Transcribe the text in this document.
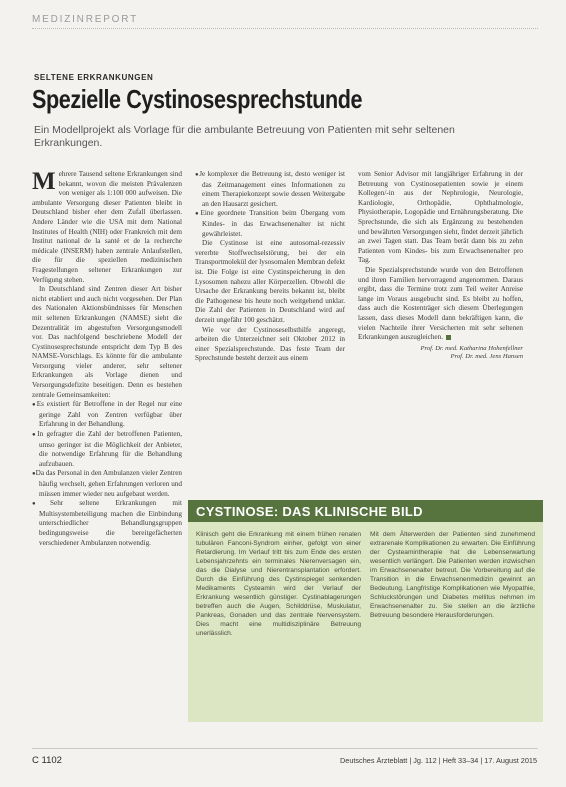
MEDIZINREPORT
SELTENE ERKRANKUNGEN
Spezielle Cystinosesprechstunde
Ein Modellprojekt als Vorlage für die ambulante Betreuung von Patienten mit sehr seltenen Erkrankungen.

Mehrere Tausend seltene Erkrankungen sind bekannt, wovon die meisten Prävalenzen von weniger als 1:100 000 aufweisen. Die ambulante Versorgung dieser Patienten bleibt in Deutschland bisher eher dem Zufall überlassen. Andere Länder wie die USA mit dem National Institutes of Health (NIH) oder Frankreich mit dem Institut national de la santé et de la recherche médicale (INSERM) haben zentrale Anlaufstellen, die für die speziellen medizinischen Fragestellungen seltener Erkrankungen zur Verfügung stehen.

In Deutschland sind Zentren dieser Art bisher nicht etabliert und auch nicht vorgesehen. Der Plan des Nationalen Aktionsbündnisses für Menschen mit seltenen Erkrankungen (NAMSE) sieht die Dezentralität im abgestuften Versorgungsmodell vor. Das nachfolgend beschriebene Modell der Cystinosesprechstunde entspricht dem Typ B des NAMSE-Vorschlags. Es könnte für die ambulante Versorgung vieler anderer, sehr seltener Erkrankungen als Vorlage dienen und Versorgungsdefizite beseitigen. Denn es bestehen zentrale Gemeinsamkeiten:

● Es existiert für Betroffene in der Regel nur eine geringe Zahl von Zentren verfügbar über Erfahrung in der Behandlung.

● In gefragter die Zahl der betroffenen Patienten, umso geringer ist die Möglichkeit der Anbieter, die notwendige Erfahrung für die Behandlung aufzubauen.

● Da das Personal in den Ambulanzen vieler Zentren häufig wechselt, gehen Erfahrungen verloren und müssen immer wieder neu aufgebaut werden.

● Sehr seltene Erkrankungen mit Multisystembeteiligung machen die Einbindung unterschiedlicher Behandlungsgruppen bedingungsweise die bereitgefächerten verschiedener Ambulanzen notwendig.

● Je komplexer die Betreuung ist, desto weniger ist das Zeitmanagement eines Informationen zu einem Therapiekonzept sowie dessen Weitergabe an den Hausarzt gesichert.

● Eine geordnete Transition beim Übergang vom Kindes- in das Erwachsenenalter ist nicht gewährleistet.

Die Cystinose ist eine autosomal-rezessiv vererbte Stoffwechselstörung, bei der ein Transportmolekül der lysosomalen Membran defekt ist. Die Folge ist eine Cystinspeicherung in den Lysosomen nahezu aller Körperzellen. Obwohl die Ursache der Erkrankung bereits bekannt ist, bleibt die Pathogenese bis heute noch weitgehend unklar. Die Zahl der Patienten in Deutschland wird auf derzeit ungefähr 100 geschätzt.

Wie vor der Cystinoseselbsthilfe angeregt, arbeiten die Unterzeichner seit Oktober 2012 in einer Spezialsprechstunde. Das feste Team der Sprechstunde besteht derzeit aus einem

vom Senior Advisor mit langjähriger Erfahrung in der Betreuung von Cystinosepatienten sowie je einem Kollegen/-in aus der Nephrologie, Neurologie, Kardiologie, Orthopädie, Ophthalmologie, Physiotherapie, Logopädie und Ernährungsberatung. Die Sprechstunde, die sich als Ergänzung zu bestehenden und bewährten Versorgungen sieht, findet derzeit jährlich an zwei Tagen statt. Das Team berät dann bis zu zehn Patienten vom Kindes- bis zum Erwachsenenalter pro Tag.

Die Spezialsprechstunde wurde von den Betroffenen und ihren Familien hervorragend angenommen. Daraus ergibt, dass die Termine trotz zum Teil weiter Anreise lange im Voraus ausgebucht sind. Es bleibt zu hoffen, dass auch die Kostenträger sich diesem Überlegungen lassen, dass dieses Modell dann bekräftigen kann, die vielen Nachteile ihrer Versicherten mit sehr seltenen Erkrankungen auszugleichen.

Prof. Dr. med. Katharina Hohenfellner
Prof. Dr. med. Jens Hansen
CYSTINOSE: DAS KLINISCHE BILD

Klinisch geht die Erkrankung mit einem frühen renalen tubulären Fanconi-Syndrom einher, gefolgt von einer Retardierung. Im Verlauf tritt bis zum Ende des ersten Lebensjahrzehnts ein terminales Nierenversagen ein, das die Dialyse und Nierentransplantation erfordert. Durch die Einführung des Cystinspiegel senkenden Medikaments Cysteamin wird der Verlauf der Erkrankung wesentlich günstiger. Cystinablagerungen betreffen auch die Augen, Schilddrüse, Muskulatur, Pankreas, Gonaden und das zentrale Nervensystem. Dies macht eine multidisziplinäre Betreuung unerlässlich.

Mit dem Älterwerden der Patienten sind zunehmend extrarenale Komplikationen zu erwarten. Die Einführung der Cysteamintherapie hat die Lebenserwartung wesentlich verlängert. Die Patienten werden inzwischen im Erwachsenenalter betreut. Die Vorbereitung auf die Transition in die Erwachsenenmedizin gewinnt an Bedeutung. Langfristige Komplikationen wie Myopathie, Schluckstörungen und Diabetes mellitus nehmen im Erwachsenenalter zu. Sie stellen an die ärztliche Betreuung besondere Herausforderungen.

C 1102	Deutsches Ärzteblatt | Jg. 112 | Heft 33–34 | 17. August 2015
